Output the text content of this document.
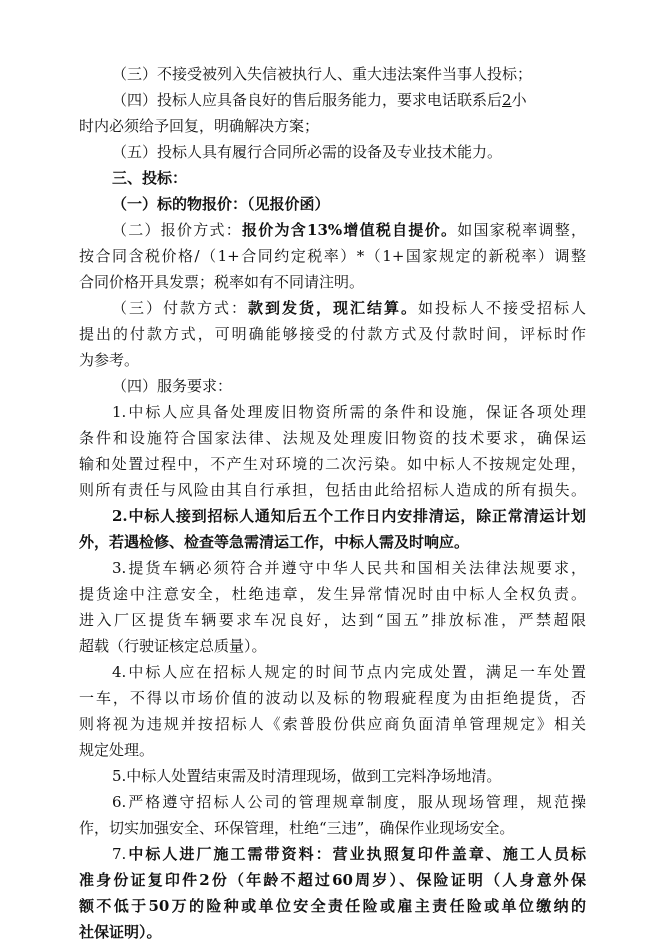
（三）不接受被列入失信被执行人、重大违法案件当事人投标；
（四）投标人应具备良好的售后服务能力，要求电话联系后2小
时内必须给予回复，明确解决方案；
（五）投标人具有履行合同所必需的设备及专业技术能力。
三、投标：
（一）标的物报价：（见报价函）
（二）报价方式：报价为含13%增值税自提价。如国家税率调整，
按合同含税价格/（1+合同约定税率）*（1+国家规定的新税率）调整
合同价格开具发票；税率如有不同请注明。
（三）付款方式：款到发货，现汇结算。如投标人不接受招标人
提出的付款方式，可明确能够接受的付款方式及付款时间，评标时作
为参考。
（四）服务要求：
1.中标人应具备处理废旧物资所需的条件和设施，保证各项处理
条件和设施符合国家法律、法规及处理废旧物资的技术要求，确保运
输和处置过程中，不产生对环境的二次污染。如中标人不按规定处理，
则所有责任与风险由其自行承担，包括由此给招标人造成的所有损失。
2.中标人接到招标人通知后五个工作日内安排清运，除正常清运计划
外，若遇检修、检查等急需清运工作，中标人需及时响应。
3.提货车辆必须符合并遵守中华人民共和国相关法律法规要求，
提货途中注意安全，杜绝违章，发生异常情况时由中标人全权负责。
进入厂区提货车辆要求车况良好，达到“国五”排放标准，严禁超限
超载（行驶证核定总质量）。
4.中标人应在招标人规定的时间节点内完成处置，满足一车处置
一车，不得以市场价值的波动以及标的物瑕疵程度为由拒绝提货，否
则将视为违规并按招标人《索普股份供应商负面清单管理规定》相关
规定处理。
5.中标人处置结束需及时清理现场，做到工完料净场地清。
6.严格遵守招标人公司的管理规章制度，服从现场管理，规范操
作，切实加强安全、环保管理，杜绝“三违”，确保作业现场安全。
7.中标人进厂施工需带资料：营业执照复印件盖章、施工人员标
准身份证复印件2份（年龄不超过60周岁）、保险证明（人身意外保
额不低于50万的险种或单位安全责任险或雇主责任险或单位缴纳的
社保证明）。
